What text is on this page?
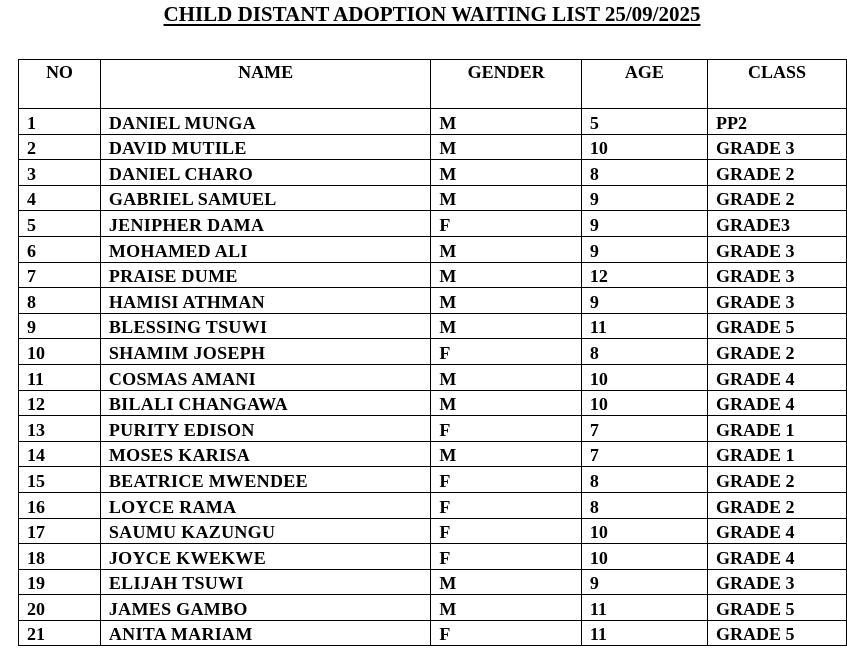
CHILD DISTANT ADOPTION WAITING LIST 25/09/2025
NO	NAME	GENDER	AGE	CLASS
1	DANIEL MUNGA	M	5	PP2
2	DAVID MUTILE	M	10	GRADE 3
3	DANIEL CHARO	M	8	GRADE 2
4	GABRIEL SAMUEL	M	9	GRADE 2
5	JENIPHER DAMA	F	9	GRADE3
6	MOHAMED ALI	M	9	GRADE 3
7	PRAISE DUME	M	12	GRADE 3
8	HAMISI ATHMAN	M	9	GRADE 3
9	BLESSING TSUWI	M	11	GRADE 5
10	SHAMIM JOSEPH	F	8	GRADE 2
11	COSMAS AMANI	M	10	GRADE 4
12	BILALI CHANGAWA	M	10	GRADE 4
13	PURITY EDISON	F	7	GRADE 1
14	MOSES KARISA	M	7	GRADE 1
15	BEATRICE MWENDEE	F	8	GRADE 2
16	LOYCE RAMA	F	8	GRADE 2
17	SAUMU KAZUNGU	F	10	GRADE 4
18	JOYCE KWEKWE	F	10	GRADE 4
19	ELIJAH TSUWI	M	9	GRADE 3
20	JAMES GAMBO	M	11	GRADE 5
21	ANITA MARIAM	F	11	GRADE 5
